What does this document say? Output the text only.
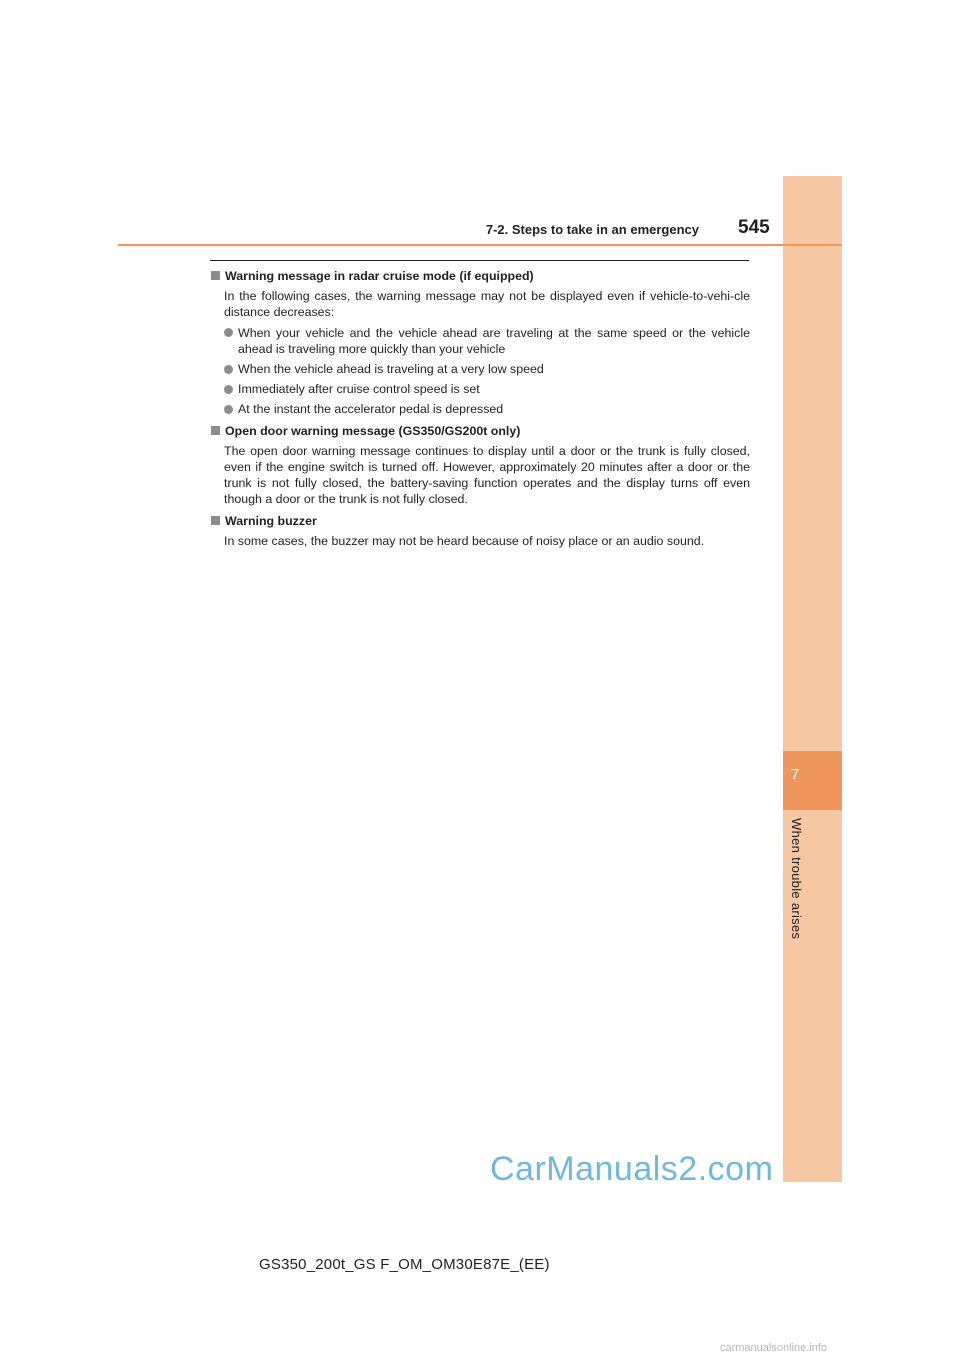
7
When trouble arises
7-2. Steps to take in an emergency 545
Warning message in radar cruise mode (if equipped)
In the following cases, the warning message may not be displayed even if vehicle-to-vehi-cle distance decreases:
When your vehicle and the vehicle ahead are traveling at the same speed or the vehicle ahead is traveling more quickly than your vehicle
When the vehicle ahead is traveling at a very low speed
Immediately after cruise control speed is set
At the instant the accelerator pedal is depressed
Open door warning message (GS350/GS200t only)
The open door warning message continues to display until a door or the trunk is fully closed, even if the engine switch is turned off. However, approximately 20 minutes after a door or the trunk is not fully closed, the battery-saving function operates and the display turns off even though a door or the trunk is not fully closed.
Warning buzzer
In some cases, the buzzer may not be heard because of noisy place or an audio sound.
CarManuals2.com
GS350_200t_GS F_OM_OM30E87E_(EE)
carmanualsonline.info
